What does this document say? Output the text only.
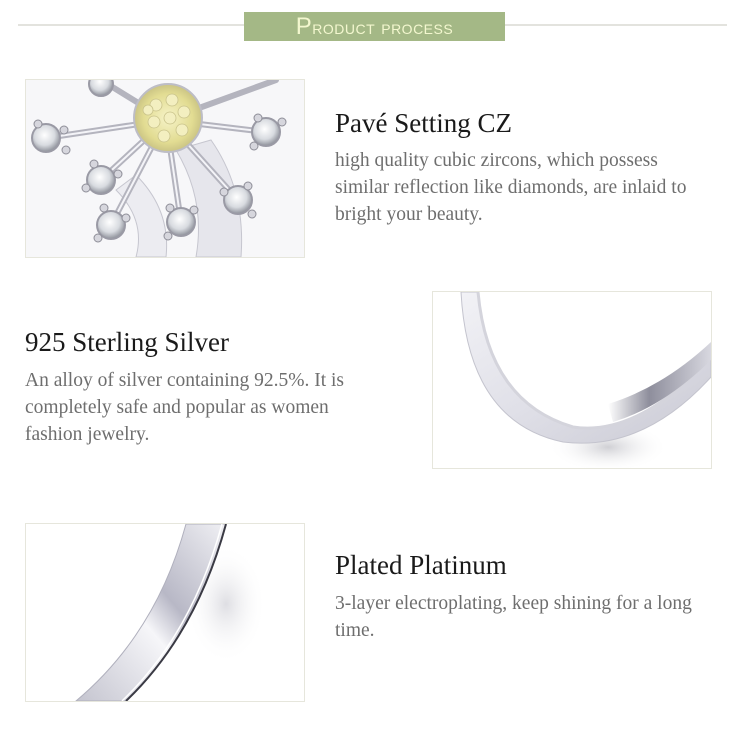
Product process
Pavé Setting CZ
high quality cubic zircons, which possess similar reflection like diamonds, are inlaid to bright your beauty.
925 Sterling Silver
An alloy of silver containing 92.5%. It is completely safe and popular as women fashion jewelry.
Plated Platinum
3-layer electroplating, keep shining for a long time.
